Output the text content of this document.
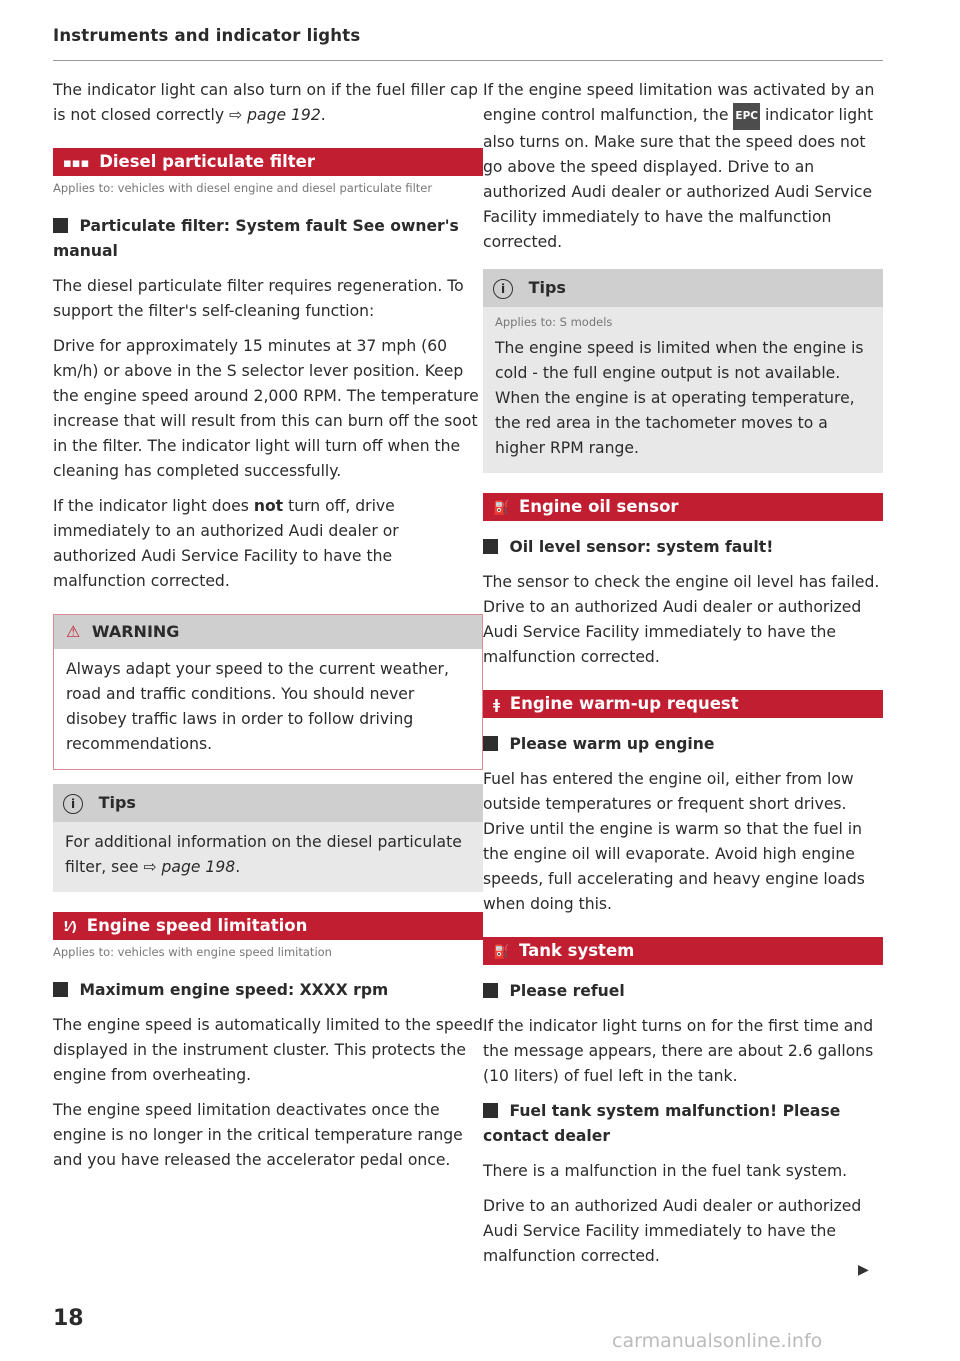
Instruments and indicator lights

The indicator light can also turn on if the fuel filler cap is not closed correctly ⇨ page 192.

▪▪▪ Diesel particulate filter
Applies to: vehicles with diesel engine and diesel particulate filter
Particulate filter: System fault See owner's manual

The diesel particulate filter requires regeneration. To support the filter's self-cleaning function:

Drive for approximately 15 minutes at 37 mph (60 km/h) or above in the S selector lever position. Keep the engine speed around 2,000 RPM. The temperature increase that will result from this can burn off the soot in the filter. The indicator light will turn off when the cleaning has completed successfully.

If the indicator light does not turn off, drive immediately to an authorized Audi dealer or authorized Audi Service Facility to have the malfunction corrected.

⚠ WARNING

Always adapt your speed to the current weather, road and traffic conditions. You should never disobey traffic laws in order to follow driving recommendations.

i Tips

For additional information on the diesel particulate filter, see ⇨ page 198.

!⁄) Engine speed limitation
Applies to: vehicles with engine speed limitation
Maximum engine speed: XXXX rpm

The engine speed is automatically limited to the speed displayed in the instrument cluster. This protects the engine from overheating.

The engine speed limitation deactivates once the engine is no longer in the critical temperature range and you have released the accelerator pedal once.

If the engine speed limitation was activated by an engine control malfunction, the EPC indicator light also turns on. Make sure that the speed does not go above the speed displayed. Drive to an authorized Audi dealer or authorized Audi Service Facility immediately to have the malfunction corrected.

i Tips
Applies to: S models

The engine speed is limited when the engine is cold - the full engine output is not available. When the engine is at operating temperature, the red area in the tachometer moves to a higher RPM range.

⛽ Engine oil sensor
Oil level sensor: system fault!

The sensor to check the engine oil level has failed. Drive to an authorized Audi dealer or authorized Audi Service Facility immediately to have the malfunction corrected.

ǂ Engine warm-up request
Please warm up engine

Fuel has entered the engine oil, either from low outside temperatures or frequent short drives. Drive until the engine is warm so that the fuel in the engine oil will evaporate. Avoid high engine speeds, full accelerating and heavy engine loads when doing this.

⛽ Tank system
Please refuel

If the indicator light turns on for the first time and the message appears, there are about 2.6 gallons (10 liters) of fuel left in the tank.

Fuel tank system malfunction! Please contact dealer

There is a malfunction in the fuel tank system.

Drive to an authorized Audi dealer or authorized Audi Service Facility immediately to have the malfunction corrected.

▶
18
carmanualsonline.info
